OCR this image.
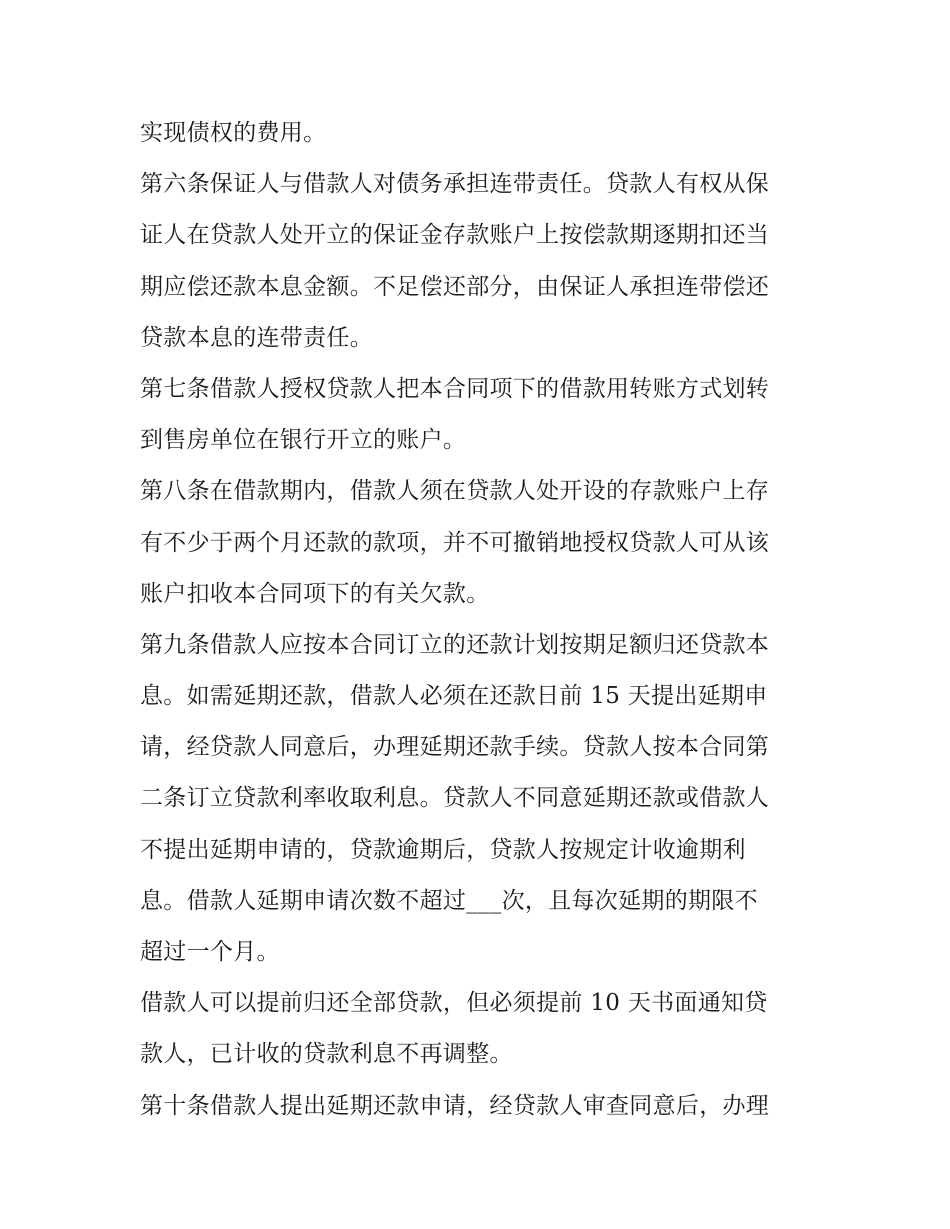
实现债权的费用。
第六条保证人与借款人对债务承担连带责任。贷款人有权从保
证人在贷款人处开立的保证金存款账户上按偿款期逐期扣还当
期应偿还款本息金额。不足偿还部分，由保证人承担连带偿还
贷款本息的连带责任。
第七条借款人授权贷款人把本合同项下的借款用转账方式划转
到售房单位在银行开立的账户。
第八条在借款期内，借款人须在贷款人处开设的存款账户上存
有不少于两个月还款的款项，并不可撤销地授权贷款人可从该
账户扣收本合同项下的有关欠款。
第九条借款人应按本合同订立的还款计划按期足额归还贷款本
息。如需延期还款，借款人必须在还款日前 15 天提出延期申
请，经贷款人同意后，办理延期还款手续。贷款人按本合同第
二条订立贷款利率收取利息。贷款人不同意延期还款或借款人
不提出延期申请的，贷款逾期后，贷款人按规定计收逾期利
息。借款人延期申请次数不超过___次，且每次延期的期限不
超过一个月。
借款人可以提前归还全部贷款，但必须提前 10 天书面通知贷
款人，已计收的贷款利息不再调整。
第十条借款人提出延期还款申请，经贷款人审查同意后，办理
